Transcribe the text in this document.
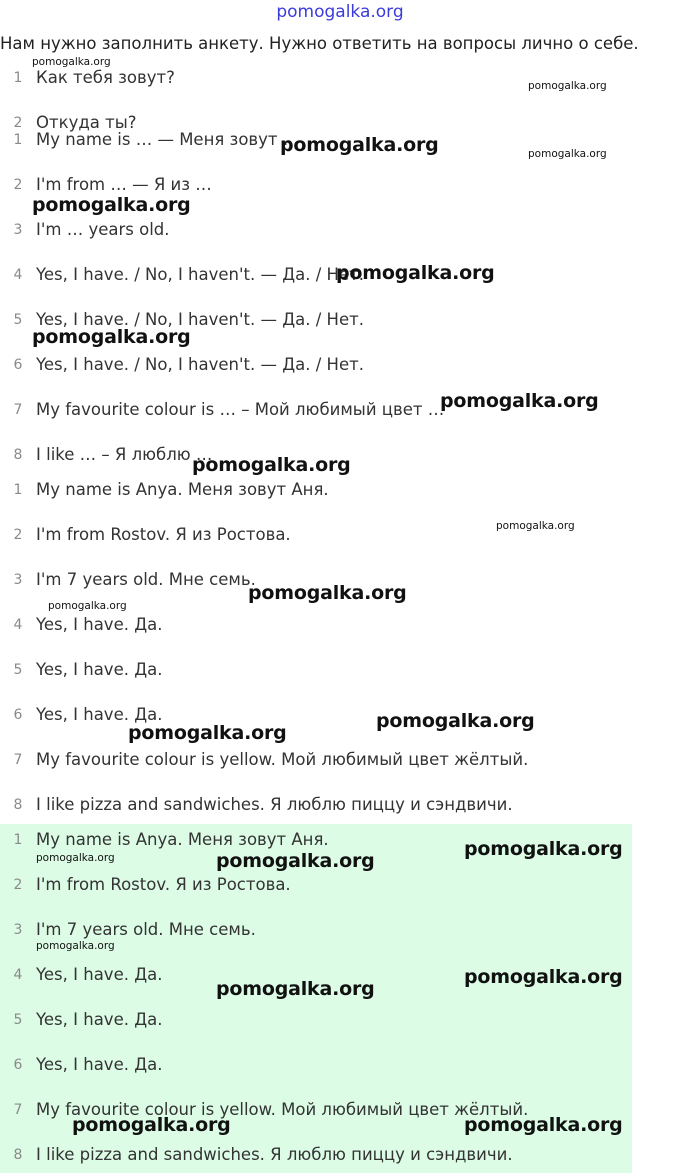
pomogalka.org
Нам нужно заполнить анкету. Нужно ответить на вопросы лично о себе.
1 Как тебя зовут?
2 Откуда ты?
1 My name is … — Меня зовут …
2 I'm from … — Я из …
3 I'm … years old.
4 Yes, I have. / No, I haven't. — Да. / Нет.
5 Yes, I have. / No, I haven't. — Да. / Нет.
6 Yes, I have. / No, I haven't. — Да. / Нет.
7 My favourite colour is … – Мой любимый цвет …
8 I like … – Я люблю …
1 My name is Anya. Меня зовут Аня.
2 I'm from Rostov. Я из Ростова.
3 I'm 7 years old. Мне семь.
4 Yes, I have. Да.
5 Yes, I have. Да.
6 Yes, I have. Да.
7 My favourite colour is yellow. Мой любимый цвет жёлтый.
8 I like pizza and sandwiches. Я люблю пиццу и сэндвичи.
1 My name is Anya. Меня зовут Аня.
2 I'm from Rostov. Я из Ростова.
3 I'm 7 years old. Мне семь.
4 Yes, I have. Да.
5 Yes, I have. Да.
6 Yes, I have. Да.
7 My favourite colour is yellow. Мой любимый цвет жёлтый.
8 I like pizza and sandwiches. Я люблю пиццу и сэндвичи.
pomogalka.org
pomogalka.org
pomogalka.org	pomogalka.org
pomogalka.org
pomogalka.org
pomogalka.org
pomogalka.org
pomogalka.org
pomogalka.org
pomogalka.org
pomogalka.org
pomogalka.org
pomogalka.org
pomogalka.org
pomogalka.org	pomogalka.org
pomogalka.org
pomogalka.org
pomogalka.org
pomogalka.org	pomogalka.org
